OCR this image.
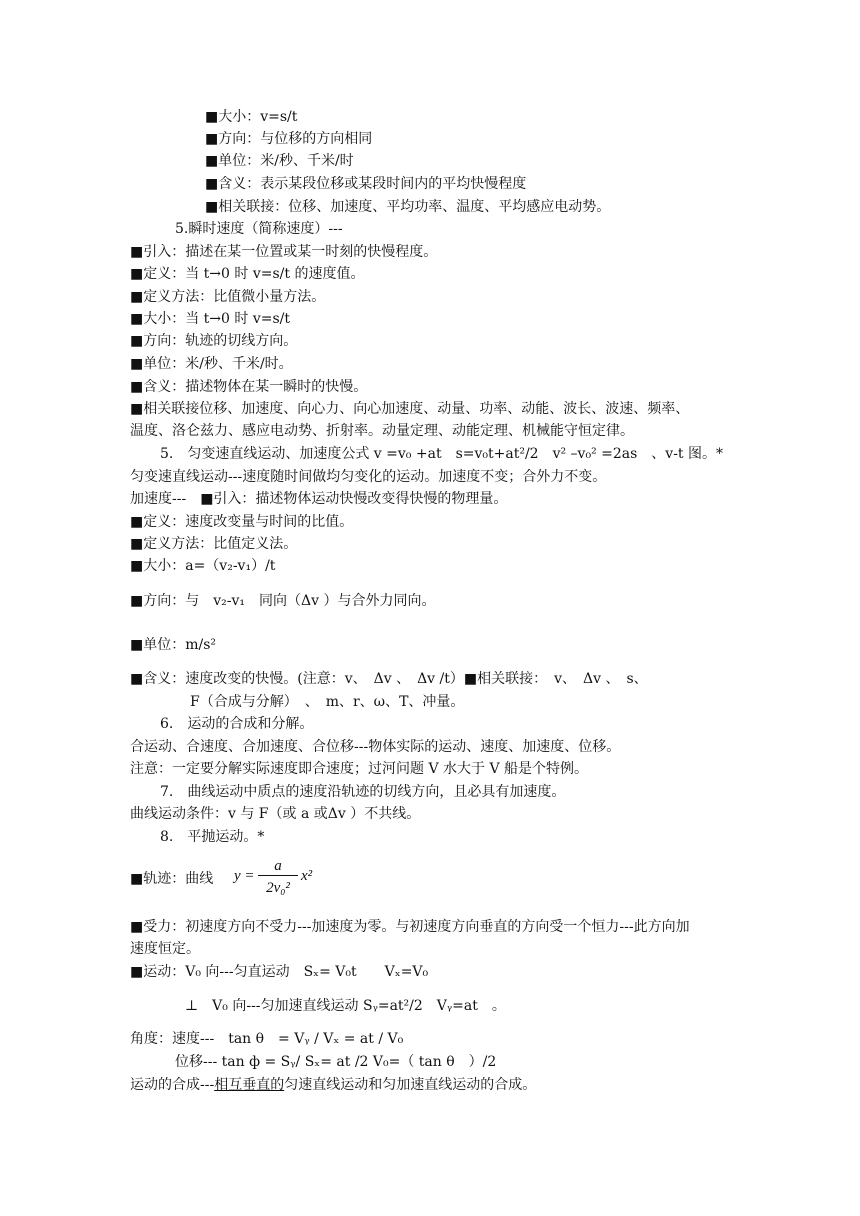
■大小：v=s/t
■方向：与位移的方向相同
■单位：米/秒、千米/时
■含义：表示某段位移或某段时间内的平均快慢程度
■相关联接：位移、加速度、平均功率、温度、平均感应电动势。
5.瞬时速度（简称速度）---
■引入：描述在某一位置或某一时刻的快慢程度。
■定义：当 t→0 时 v=s/t 的速度值。
■定义方法：比值微小量方法。
■大小：当 t→0 时 v=s/t
■方向：轨迹的切线方向。
■单位：米/秒、千米/时。
■含义：描述物体在某一瞬时的快慢。
■相关联接位移、加速度、向心力、向心加速度、动量、功率、动能、波长、波速、频率、
温度、洛仑兹力、感应电动势、折射率。动量定理、动能定理、机械能守恒定律。
5.　匀变速直线运动、加速度公式 v =v₀ +at　s=v₀t+at²/2　v² –v₀² =2as　、v-t 图。*
匀变速直线运动---速度随时间做均匀变化的运动。加速度不变；合外力不变。
加速度---　■引入：描述物体运动快慢改变得快慢的物理量。
■定义：速度改变量与时间的比值。
■定义方法：比值定义法。
■大小：a=（v₂-v₁）/t
■方向：与　v₂-v₁　同向（Δv ）与合外力同向。
■单位：m/s²
■含义：速度改变的快慢。(注意：v、　Δv 、　Δv /t）■相关联接：　v、　Δv 、　s、
F（合成与分解）　、　m、r、ω、T、冲量。
6.　运动的合成和分解。
合运动、合速度、合加速度、合位移---物体实际的运动、速度、加速度、位移。
注意：一定要分解实际速度即合速度；过河问题 V 水大于 V 船是个特例。
7.　曲线运动中质点的速度沿轨迹的切线方向，且必具有加速度。
曲线运动条件：v 与 F（或 a 或Δv ）不共线。
8.　平抛运动。*
■轨迹：曲线 y =
a
2v₀²
x²
■受力：初速度方向不受力---加速度为零。与初速度方向垂直的方向受一个恒力---此方向加
速度恒定。
■运动：V₀ 向---匀直运动　Sₓ= V₀t　　Vₓ=V₀
⊥　V₀ 向---匀加速直线运动 Sᵧ=at²/2　Vᵧ=at　。
角度：速度---　tan θ　= Vᵧ / Vₓ = at / V₀
位移--- tan ф = Sᵧ/ Sₓ= at /2 V₀=（ tan θ　）/2
运动的合成---相互垂直的匀速直线运动和匀加速直线运动的合成。
